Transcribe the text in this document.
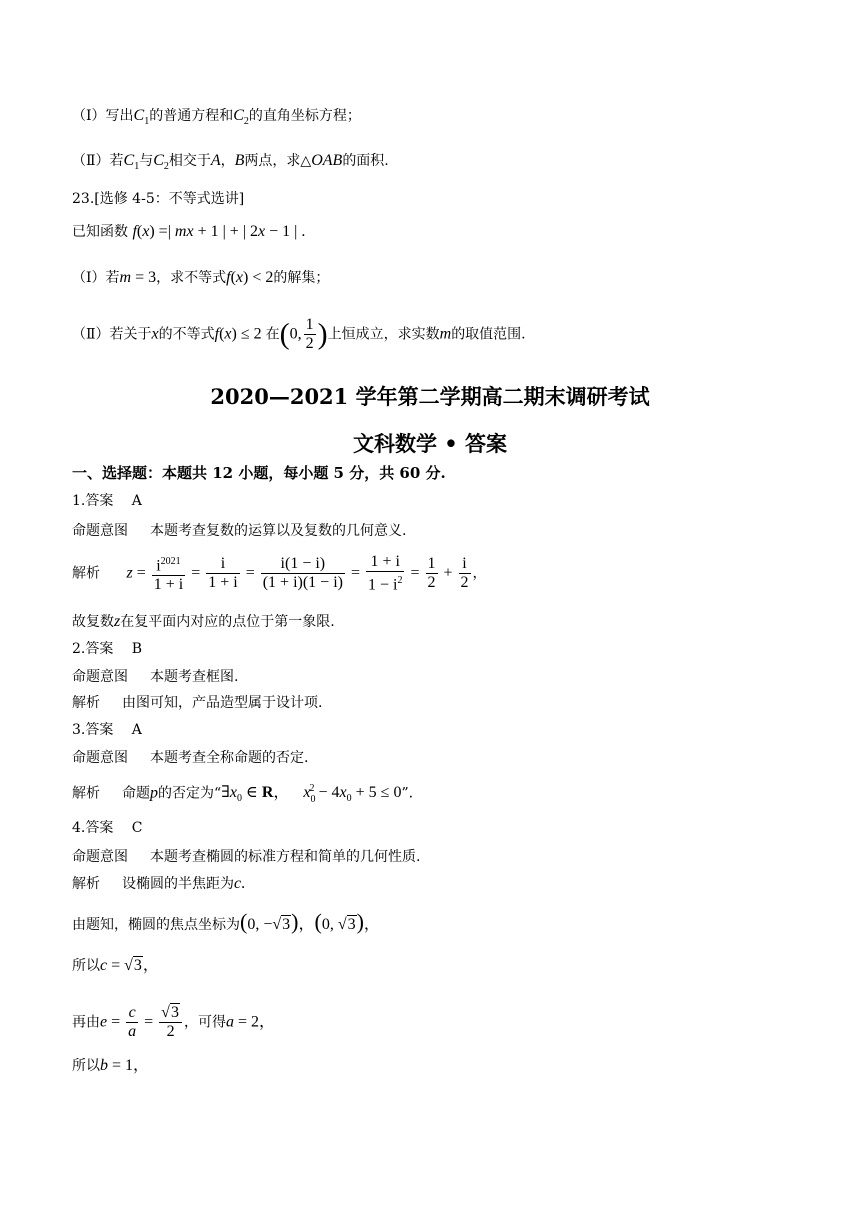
（Ⅰ）写出$C_1$的普通方程和$C_2$的直角坐标方程；
（Ⅱ）若$C_1$与$C_2$相交于A，B两点，求△OAB的面积.
23.[选修 4-5：不等式选讲]
已知函数 f(x) =| mx + 1 | + | 2x − 1 | .
（Ⅰ）若m = 3，求不等式f(x) < 2的解集；
（Ⅱ）若关于x的不等式f(x) ≤ 2 在(0, $\frac{1}{2}$ )上恒成立，求实数m的取值范围.
2020—2021 学年第二学期高二期末调研考试
文科数学 • 答案
一、选择题：本题共 12 小题，每小题 5 分，共 60 分.
1.答案　 A
命题意图 本题考查复数的运算以及复数的几何意义.
解析 $z = \frac{i^{2021}}{1 + i} = \frac{i}{1 + i} = \frac{i(1 - i)}{(1 + i)(1 - i)} = \frac{1 + i}{1 - i^2} = \frac{1}{2} + \frac{i}{2}$ ，
故复数z在复平面内对应的点位于第一象限.
2.答案　 B
命题意图 本题考查框图.
解析 由图可知，产品造型属于设计项.
3.答案　 A
命题意图 本题考查全称命题的否定.
解析 命题p的否定为“$\exists x_0$ ∈ R， $x_0^2 - 4x_0 + 5 \le 0$”.
4.答案　 C
命题意图 本题考查椭圆的标准方程和简单的几何性质.
解析 设椭圆的半焦距为c.
由题知，椭圆的焦点坐标为(0, −√3)，(0, √3)，
所以c = √3，
再由$e = \frac{c}{a} = \frac{√3}{2}$ ，可得a = 2，
所以b = 1，
